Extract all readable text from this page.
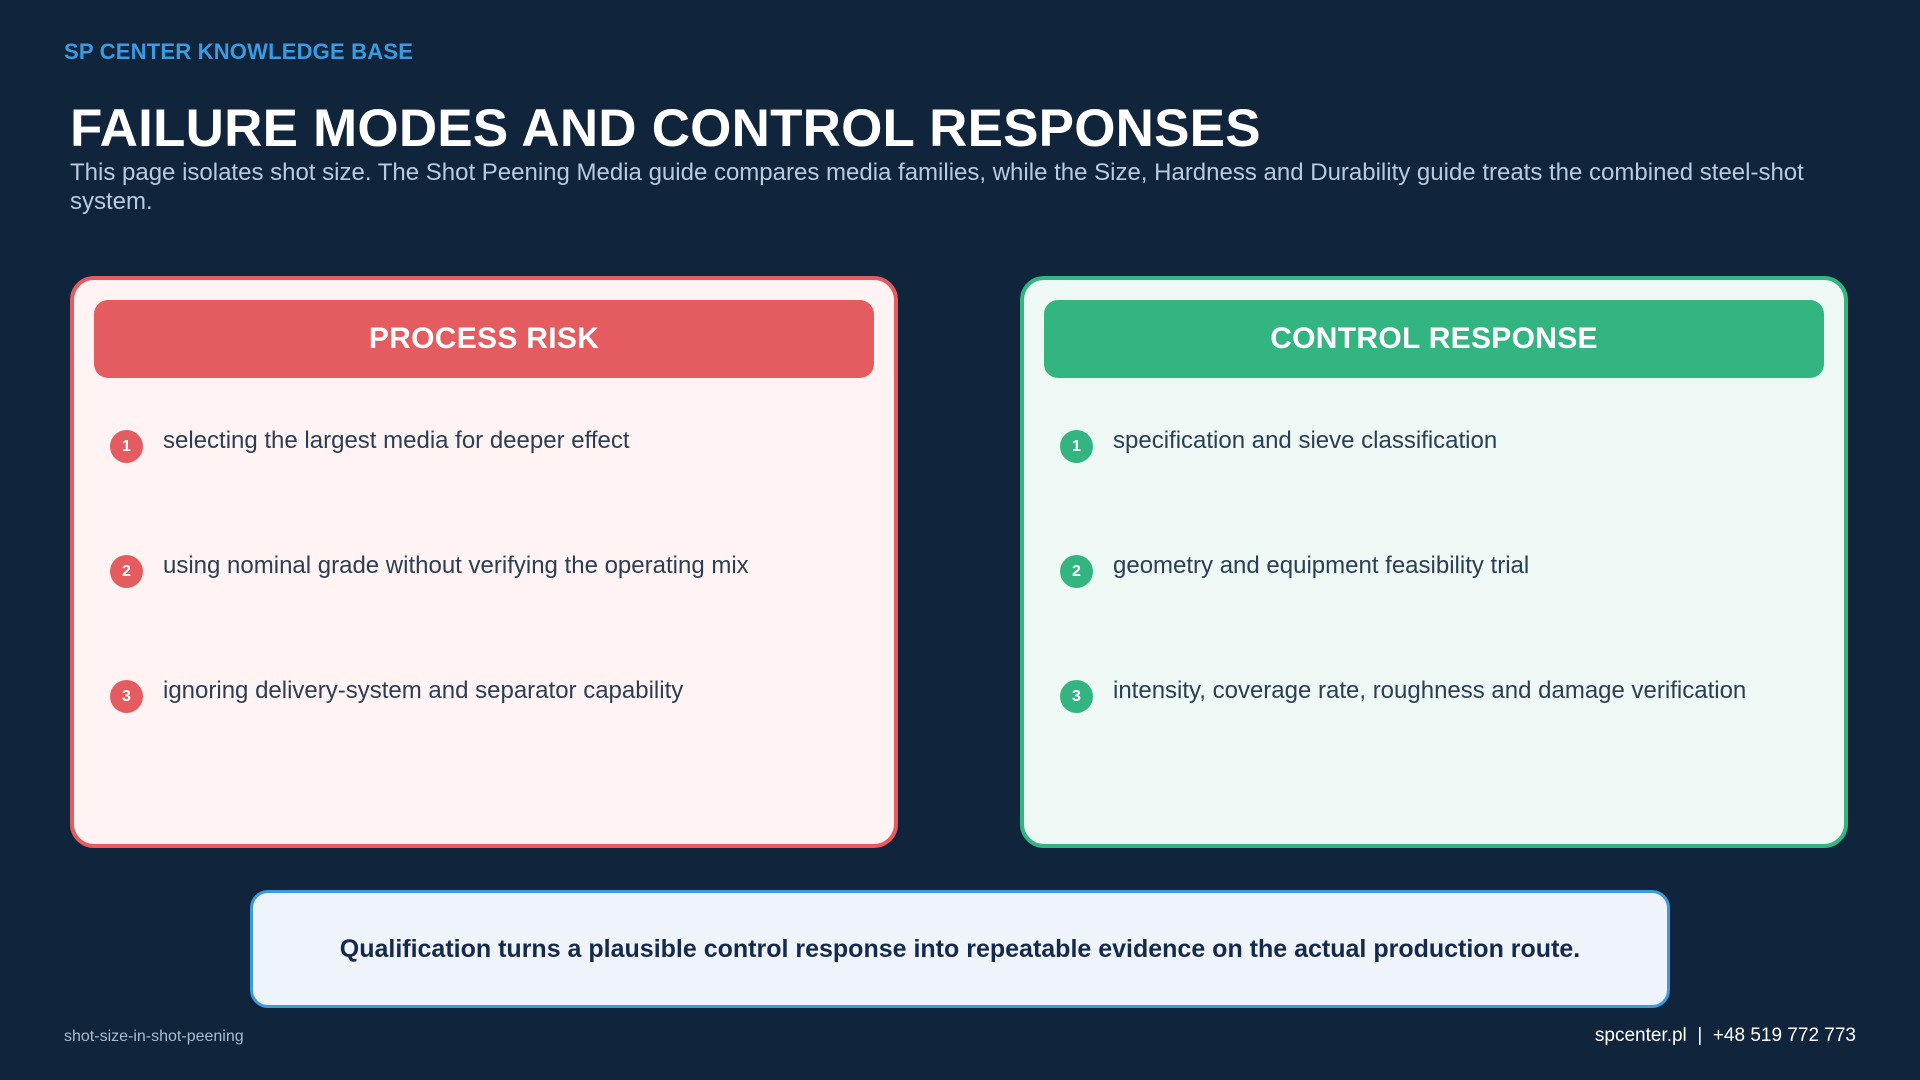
SP CENTER KNOWLEDGE BASE
FAILURE MODES AND CONTROL RESPONSES

This page isolates shot size. The Shot Peening Media guide compares media families, while the Size, Hardness and Durability guide treats the combined steel-shot system.

PROCESS RISK
1	selecting the largest media for deeper effect
2	using nominal grade without verifying the operating mix
3	ignoring delivery-system and separator capability
CONTROL RESPONSE
1	specification and sieve classification
2	geometry and equipment feasibility trial
3	intensity, coverage rate, roughness and damage verification
Qualification turns a plausible control response into repeatable evidence on the actual production route.
shot-size-in-shot-peening	spcenter.pl  |  +48 519 772 773
